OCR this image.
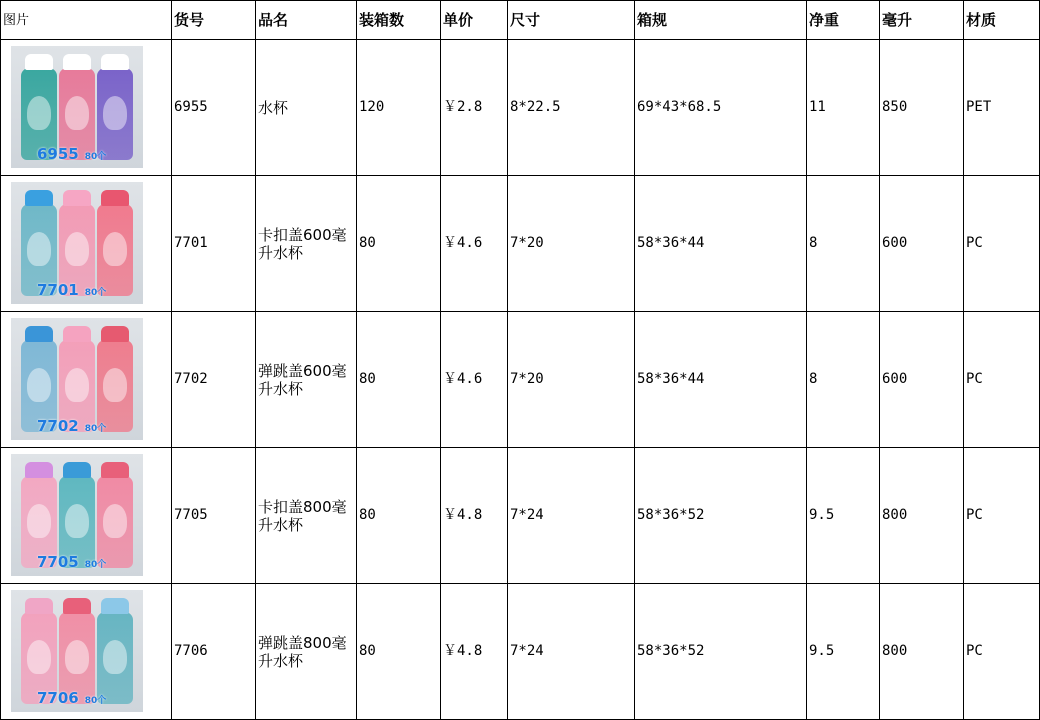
图片	货号	品名	装箱数	单价	尺寸	箱规	净重	毫升	材质

6955 80个	6955	水杯	120	￥2.8	8*22.5	69*43*68.5	11	850	PET

7701 80个	7701	卡扣盖600毫升水杯	80	￥4.6	7*20	58*36*44	8	600	PC

7702 80个	7702	弹跳盖600毫升水杯	80	￥4.6	7*20	58*36*44	8	600	PC

7705 80个	7705	卡扣盖800毫升水杯	80	￥4.8	7*24	58*36*52	9.5	800	PC

7706 80个	7706	弹跳盖800毫升水杯	80	￥4.8	7*24	58*36*52	9.5	800	PC
